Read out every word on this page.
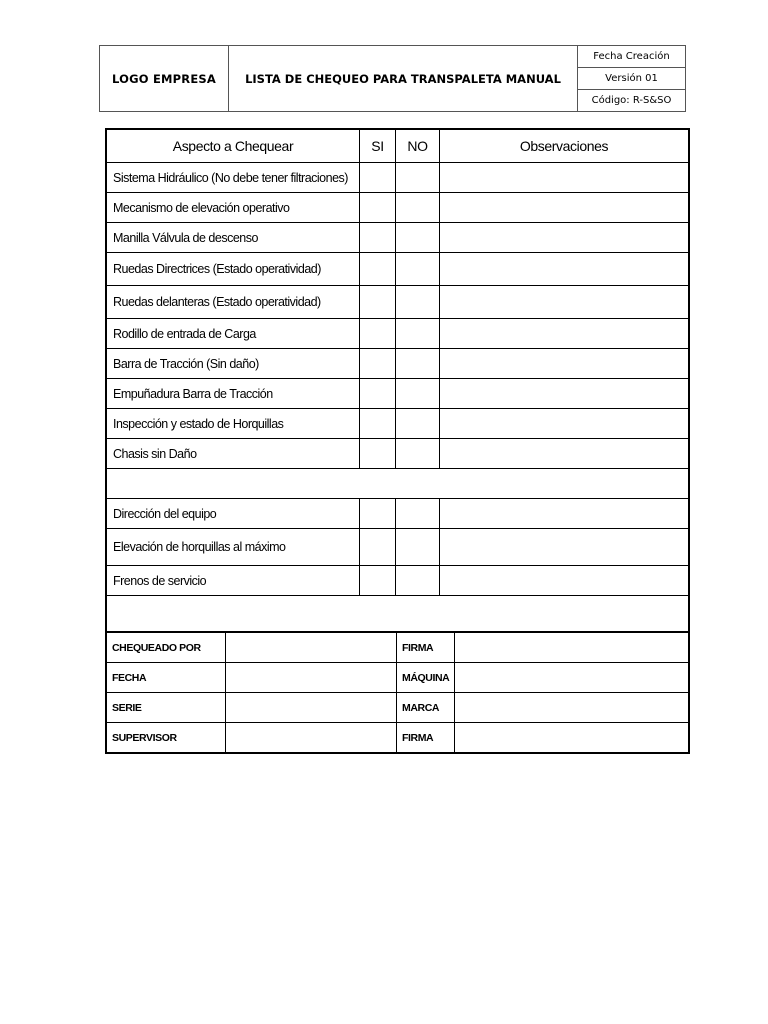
LOGO EMPRESA	LISTA DE CHEQUEO PARA TRANSPALETA MANUAL	Fecha Creación
Versión 01
Código: R-S&SO
Aspecto a Chequear	SI	NO	Observaciones
Sistema Hidráulico (No debe tener filtraciones)			
Mecanismo de elevación operativo			
Manilla Válvula de descenso			
Ruedas Directrices (Estado operatividad)			
Ruedas delanteras (Estado operatividad)			
Rodillo de entrada de Carga			
Barra de Tracción (Sin daño)			
Empuñadura Barra de Tracción			
Inspección y estado de Horquillas			
Chasis sin Daño			

Dirección del equipo			
Elevación de horquillas al máximo			
Frenos de servicio			

CHEQUEADO POR		FIRMA	
FECHA		MÁQUINA	
SERIE		MARCA	
SUPERVISOR		FIRMA	
